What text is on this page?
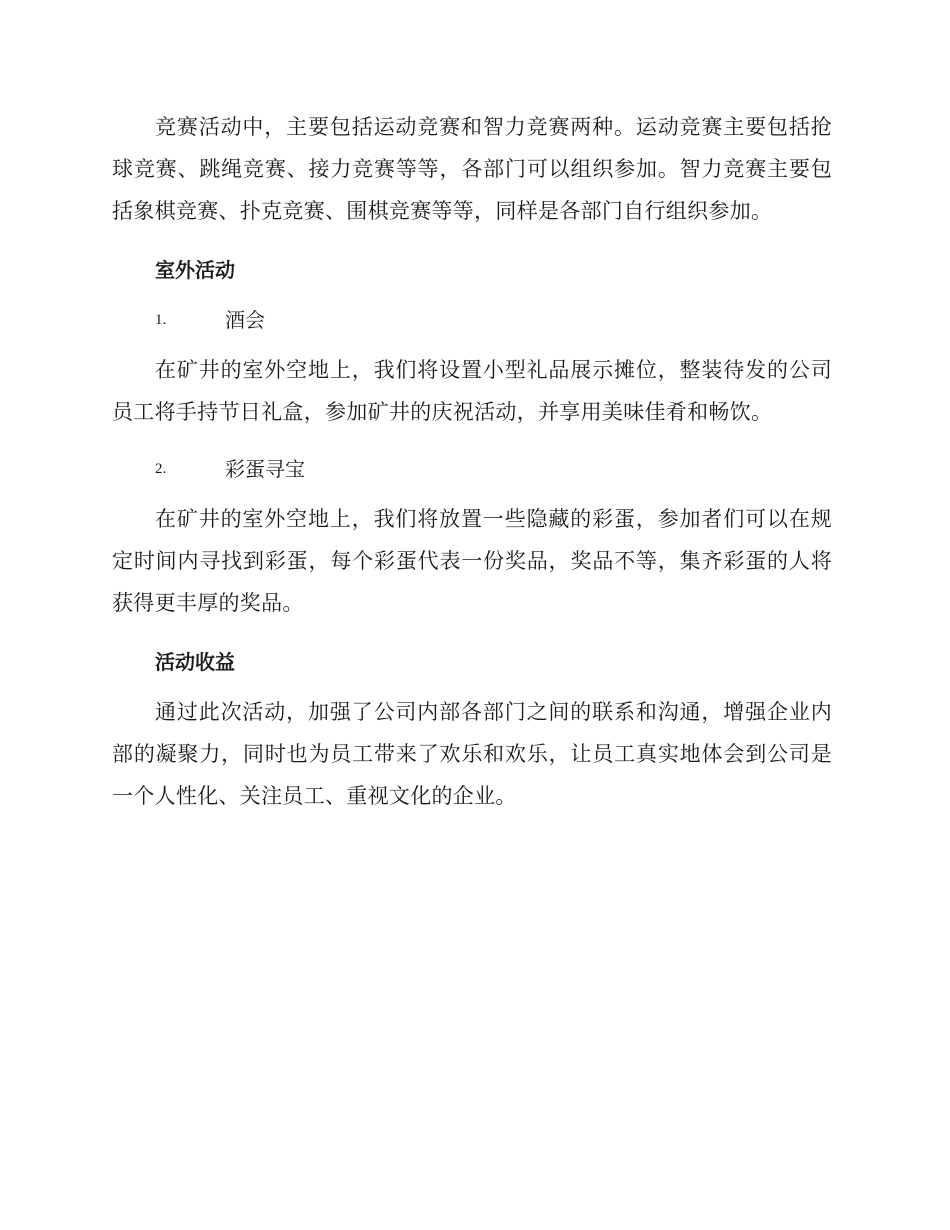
竞赛活动中，主要包括运动竞赛和智力竞赛两种。运动竞赛主要包括抢球竞赛、跳绳竞赛、接力竞赛等等，各部门可以组织参加。智力竞赛主要包括象棋竞赛、扑克竞赛、围棋竞赛等等，同样是各部门自行组织参加。

室外活动
1.	酒会

在矿井的室外空地上，我们将设置小型礼品展示摊位，整装待发的公司员工将手持节日礼盒，参加矿井的庆祝活动，并享用美味佳肴和畅饮。

2.	彩蛋寻宝

在矿井的室外空地上，我们将放置一些隐藏的彩蛋，参加者们可以在规定时间内寻找到彩蛋，每个彩蛋代表一份奖品，奖品不等，集齐彩蛋的人将获得更丰厚的奖品。

活动收益

通过此次活动，加强了公司内部各部门之间的联系和沟通，增强企业内部的凝聚力，同时也为员工带来了欢乐和欢乐，让员工真实地体会到公司是一个人性化、关注员工、重视文化的企业。
